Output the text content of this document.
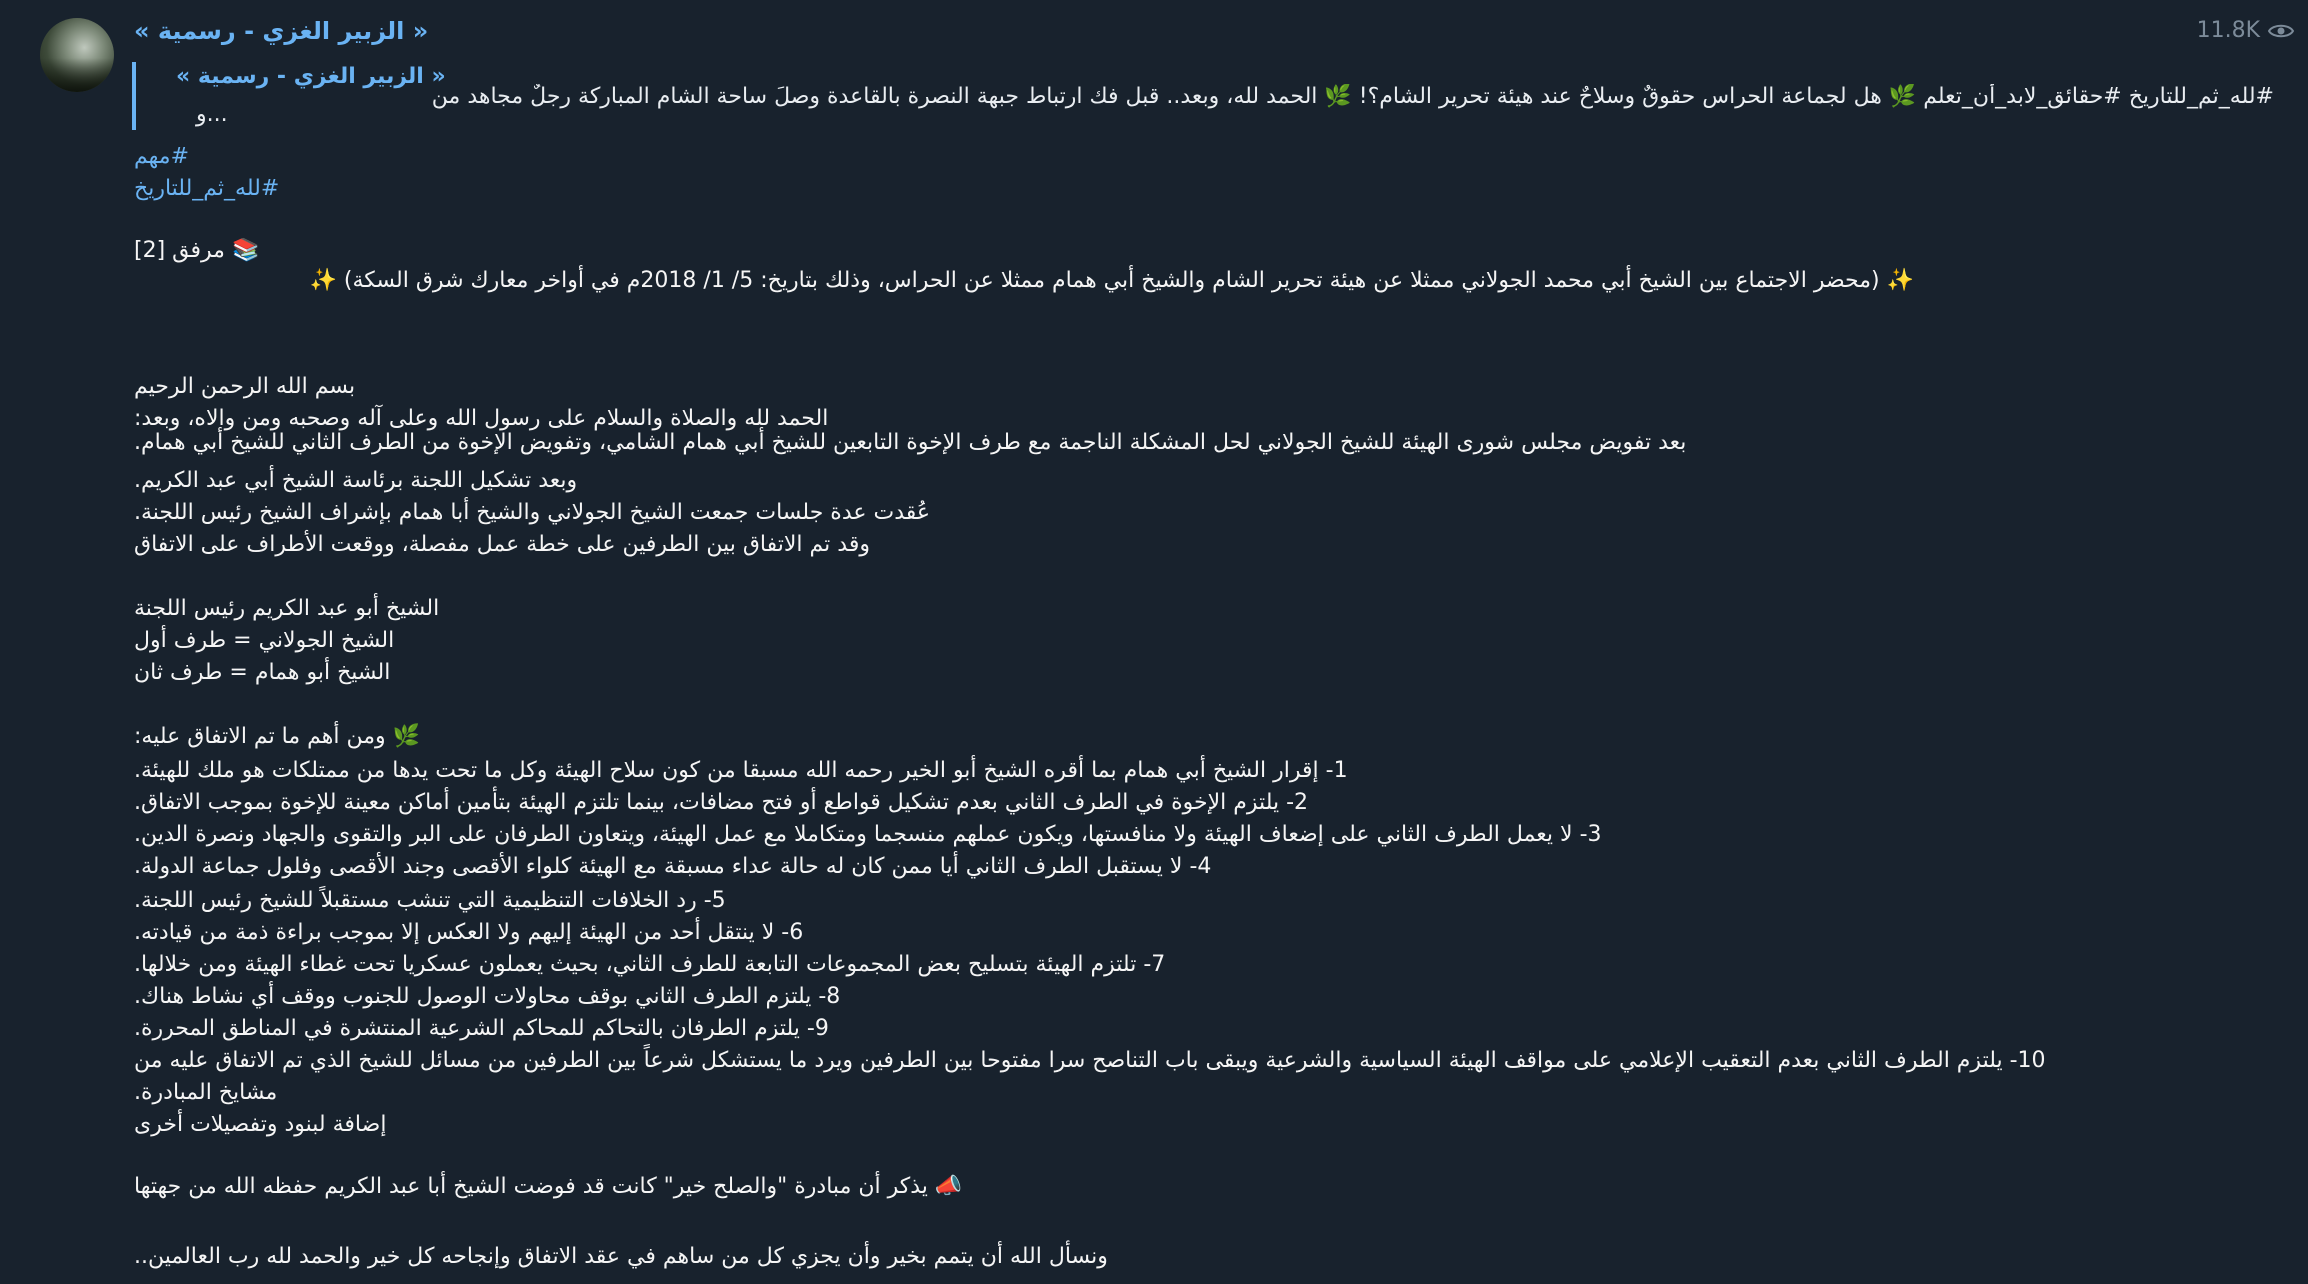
11.8K
« الزبير الغزي - رسمية »
« الزبير الغزي - رسمية »
#لله_ثم_للتاريخ #حقائق_لابد_أن_تعلم 🌿 هل لجماعة الحراس حقوقٌ وسلاحٌ عند هيئة تحرير الشام؟! 🌿 الحمد لله، وبعد.. قبل فك ارتباط جبهة النصرة بالقاعدة وصلَ ساحة الشام المباركة رجلٌ مجاهد من
و...
#مهم
#لله_ثم_للتاريخ
📚 مرفق [2]
✨ (محضر الاجتماع بين الشيخ أبي محمد الجولاني ممثلا عن هيئة تحرير الشام والشيخ أبي همام ممثلا عن الحراس، وذلك بتاريخ: 5/ 1/ 2018م في أواخر معارك شرق السكة) ✨
بسم الله الرحمن الرحيم
الحمد لله والصلاة والسلام على رسول الله وعلى آله وصحبه ومن والاه، وبعد:
بعد تفويض مجلس شورى الهيئة للشيخ الجولاني لحل المشكلة الناجمة مع طرف الإخوة التابعين للشيخ أبي همام الشامي، وتفويض الإخوة من الطرف الثاني للشيخ أبي همام.
وبعد تشكيل اللجنة برئاسة الشيخ أبي عبد الكريم.
عُقدت عدة جلسات جمعت الشيخ الجولاني والشيخ أبا همام بإشراف الشيخ رئيس اللجنة.
وقد تم الاتفاق بين الطرفين على خطة عمل مفصلة، ووقعت الأطراف على الاتفاق
الشيخ أبو عبد الكريم رئيس اللجنة
الشيخ الجولاني = طرف أول
الشيخ أبو همام = طرف ثان
🌿 ومن أهم ما تم الاتفاق عليه:
1- إقرار الشيخ أبي همام بما أقره الشيخ أبو الخير رحمه الله مسبقا من كون سلاح الهيئة وكل ما تحت يدها من ممتلكات هو ملك للهيئة.
2- يلتزم الإخوة في الطرف الثاني بعدم تشكيل قواطع أو فتح مضافات، بينما تلتزم الهيئة بتأمين أماكن معينة للإخوة بموجب الاتفاق.
3- لا يعمل الطرف الثاني على إضعاف الهيئة ولا منافستها، ويكون عملهم منسجما ومتكاملا مع عمل الهيئة، ويتعاون الطرفان على البر والتقوى والجهاد ونصرة الدين.
4- لا يستقبل الطرف الثاني أيا ممن كان له حالة عداء مسبقة مع الهيئة كلواء الأقصى وجند الأقصى وفلول جماعة الدولة.
5- رد الخلافات التنظيمية التي تنشب مستقبلاً للشيخ رئيس اللجنة.
6- لا ينتقل أحد من الهيئة إليهم ولا العكس إلا بموجب براءة ذمة من قيادته.
7- تلتزم الهيئة بتسليح بعض المجموعات التابعة للطرف الثاني، بحيث يعملون عسكريا تحت غطاء الهيئة ومن خلالها.
8- يلتزم الطرف الثاني بوقف محاولات الوصول للجنوب ووقف أي نشاط هناك.
9- يلتزم الطرفان بالتحاكم للمحاكم الشرعية المنتشرة في المناطق المحررة.
10- يلتزم الطرف الثاني بعدم التعقيب الإعلامي على مواقف الهيئة السياسية والشرعية ويبقى باب التناصح سرا مفتوحا بين الطرفين ويرد ما يستشكل شرعاً بين الطرفين من مسائل للشيخ الذي تم الاتفاق عليه من
مشايخ المبادرة.
إضافة لبنود وتفصيلات أخرى
📣 يذكر أن مبادرة "والصلح خير" كانت قد فوضت الشيخ أبا عبد الكريم حفظه الله من جهتها
ونسأل الله أن يتمم بخير وأن يجزي كل من ساهم في عقد الاتفاق وإنجاحه كل خير والحمد لله رب العالمين..
